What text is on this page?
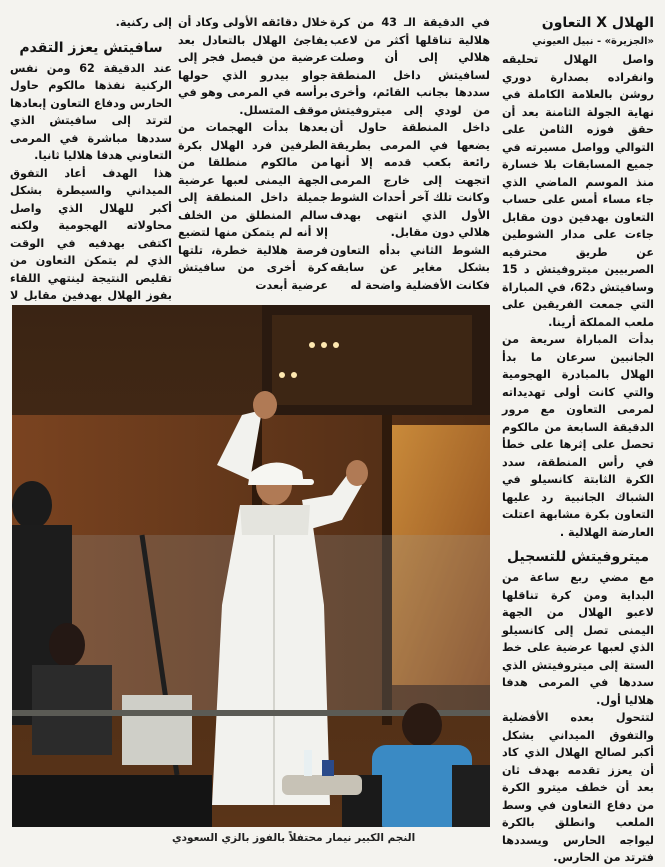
الهلال X التعاون

«الجزيرة» - نبيل العيوني

واصل الهلال تحليقه وانفراده بصدارة دوري روشن بالعلامة الكاملة في نهاية الجولة الثامنة بعد أن حقق فوزه الثامن على التوالي وواصل مسيرته في جميع المسابقات بلا خسارة منذ الموسم الماضي الذي جاء مساء أمس على حساب التعاون بهدفين دون مقابل جاءت على مدار الشوطين عن طريق محترفيه الصربيين ميتروفيتش د 15 وسافيتش د62، في المباراة التي جمعت الفريقين على ملعب المملكة أرينا.

بدأت المباراة سريعة من الجانبين سرعان ما بدأ الهلال بالمبادرة الهجومية والتي كانت أولى تهديداته لمرمى التعاون مع مرور الدقيقة السابعة من مالكوم تحصل على إثرها على خطأ في رأس المنطقة، سدد الكرة الثابتة كانسيلو في الشباك الجانبية رد عليها التعاون بكرة مشابهة اعتلت العارضة الهلالية .

ميتروفيتش للتسجيل

مع مضي ربع ساعة من البداية ومن كرة تناقلها لاعبو الهلال من الجهة اليمنى تصل إلى كانسيلو الذي لعبها عرضية على خط الستة إلى ميتروفيتش الذي سددها في المرمى هدفا هلاليا أول.

لتتحول بعده الأفضلية والتفوق الميداني بشكل أكبر لصالح الهلال الذي كاد أن يعزز تقدمه بهدف ثان بعد أن خطف ميترو الكرة من دفاع التعاون في وسط الملعب وانطلق بالكرة ليواجه الحارس ويسددها فترتد من الحارس.

في الدقيقة الـ 43 من كرة هلالية تناقلها أكثر من لاعب هلالي إلى أن وصلت لسافيتش داخل المنطقة سددها بجانب القائم، وأخرى من لودي إلى ميتروفيتش داخل المنطقة حاول أن يضعها في المرمى بطريقة رائعة بكعب قدمه إلا أنها اتجهت إلى خارج المرمى وكانت تلك آخر أحداث الشوط الأول الذي انتهى بهدف هلالي دون مقابل.

الشوط الثاني بدأه التعاون بشكل مغاير عن سابقه فكانت الأفضلية واضحة له

خلال دقائقه الأولى وكاد أن يفاجئ الهلال بالتعادل بعد عرضية من فيصل فجر إلى جواو بيدرو الذي حولها برأسه في المرمى وهو في موقف المتسلل.

بعدها بدأت الهجمات من الطرفين فرد الهلال بكرة من مالكوم منطلقا من الجهة اليمنى لعبها عرضية جميلة داخل المنطقة إلى سالم المنطلق من الخلف إلا أنه لم يتمكن منها لتضيع فرصة هلالية خطرة، تلتها كرة أخرى من سافيتش عرضية أبعدت

إلى ركنية.

سافيتش يعزز التقدم

عند الدقيقة 62 ومن نفس الركنية نفذها مالكوم حاول الحارس ودفاع التعاون إبعادها لترتد إلى سافيتش الذي سددها مباشرة في المرمى التعاوني هدفا هلاليا ثانيا.

هذا الهدف أعاد التفوق الميداني والسيطرة بشكل أكبر للهلال الذي واصل محاولاته الهجومية ولكنه اكتفى بهدفيه في الوقت الذي لم يتمكن التعاون من تقليص النتيجة لينتهي اللقاء بفوز الهلال بهدفين مقابل لا

النجم الكبير نيمار محتفلاً بالفوز بالزي السعودي
